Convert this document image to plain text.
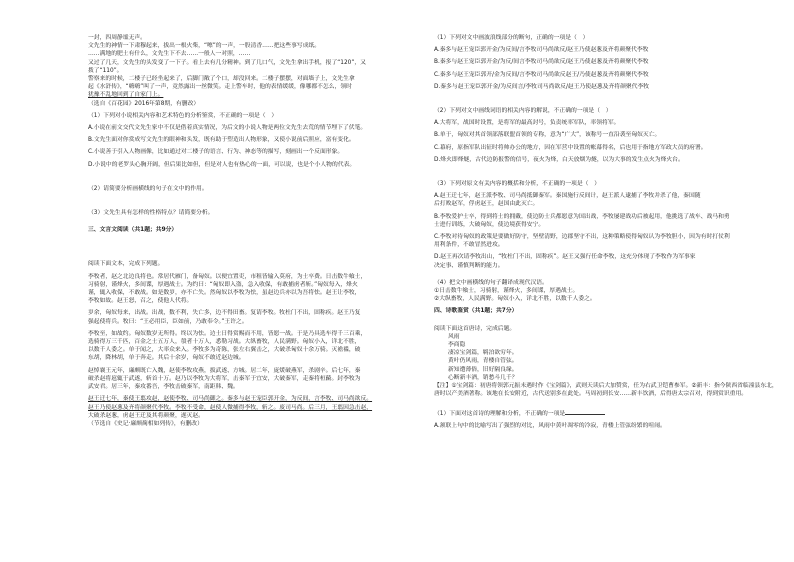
一封，四周静谧无声。
文先生的神情一下肃穆起来，拔出一根火柴，“嚓”的一声，一股清香……把这些事写成纸。
……满地的肥土有什么，文先生下不去……一般人一对照，……
又过了几天，文先生的头发变了一下子。看上去有几分精神。到了几口气，文先生拿出手机，报了“120”，又
拨了“110”。
警察来的时候，二楼子已经坐起来了，后脚门敞了个口，却没回来。二楼子摆摆，对面墙子上，文先生拿
起《水浒传》，“嗨嗨”叫了一声，竟然露出一丝微笑。走上警车时，他的表情缓缓，像哪都不怎么，领时
犹豫不乱地回到了自家门上。
（选自《百花园》2016年第8期，有删改）
（1）下列对小说相关内容和艺术特色的分析鉴赏，不正确的一项是（　）
A.小说在前文交代文先生家中不仅是借着真实情况，为后文的小说人物是两位文先生去荒的情节埋下了伏笔。
B.文先生面对你赏成写文先生的眼神和头发，既有助于塑造出人物形象，又使小说前后照应，富有变化。
C.小说善于引入人物画像，比如通过对二楼子的语言、行为、神态等的描写，刻画出一个反面形象。
D.小说中的老罗头心胸开阔，但后果比如但，但是对人也有热心的一面，可以说，也是个小人物的代表。
（2）请简要分析画横线的句子在文中的作用。
（3）文先生具有怎样的性格特点？请简要分析。
三、文言文阅读（共1题；共9分）
阅读下面文本，完成下列题。
李牧者，赵之北边良将也。常居代雁门，备匈奴。以便宜置吏，市租皆输入莫府，为士卒费。日击数牛飨士，
习骑射，谨烽火，多间谍，厚遇战士。为约曰：“匈奴即入盗，急入收保，有敢捕虏者斩。”匈奴每入，烽火
谨，辄入收保，不敢战。如是数岁，亦不亡失。然匈奴以李牧为怯，虽赵边兵亦以为吾将怯。赵王让李牧，
李牧如故。赵王怒，召之，使他人代将。
岁余，匈奴每来，出战。出战，数不利，失亡多，边不得田畜。复请李牧。牧杜门不出，固称疾。赵王乃复
强起使将兵。牧曰：“王必用臣，臣如前，乃敢奉令。”王许之。
李牧至，如故约。匈奴数岁无所得。终以为怯。边士日得赏赐而不用，皆愿一战。于是乃具选车得千三百乘，
选骑得万三千匹，百金之士五万人，彀者十万人，悉勒习战。大纵畜牧，人民满野。匈奴小入，详北不胜，
以数千人委之。单于闻之，大率众来入。李牧多为奇陈，张左右翼击之，大破杀匈奴十余万骑。灭襜褴，破
东胡，降林胡，单于奔走。其后十余岁，匈奴不敢近赵边城。
赵悼襄王元年，廉颇既亡入魏，赵使李牧攻燕，拔武遂、方城。居二年，庞煖破燕军，杀剧辛。后七年，秦
破杀赵将扈辄于武遂，斩首十万。赵乃以李牧为大将军，击秦军于宜安，大破秦军，走秦将桓齮。封李牧为
武安君。居三年，秦攻番吾，李牧击破秦军，南距韩、魏。
赵王迁七年，秦使王翦攻赵，赵使李牧、司马尚御之。秦多与赵王宠臣郭开金，为反间，言李牧、司马尚欲反。
赵王乃使赵葱及齐将颜聚代李牧。李牧不受命，赵使人微捕得李牧，斩之。废司马尚。后三月，王翦因急击赵，
大破杀赵葱，虏赵王迁及其将颜聚，遂灭赵。
（节选自《史记·廉颇蔺相如列传》，有删改）
（1）下列对文中画波浪线部分的断句，正确的一项是（　）
A.秦多与赵王宠臣郭开金/为反间/言李牧司马尚欲反/赵王乃使赵葱及齐将颜聚代李牧
B.秦多与赵王宠臣郭开金/为反/间言李牧司马尚欲反/赵王乃使赵葱及齐将颜聚代李牧
C.秦多与赵王宠臣郭开/金为反间/言李牧司马尚欲反赵王/乃使赵葱及齐将颜聚代李牧
D.秦多与赵王宠臣郭开金/为反间言/李牧司马尚欲反/赵王乃使赵葱及齐将颜聚代李牧
（2）下列对文中画线词语的相关内容的解说，不正确的一项是（　）
A.大将军，战国时设置，是将军的最高封号，负责统率军队，率领将军。
B.单于，匈奴对其首领部落联盟首领的专称，意为“广大”，该称号一直沿袭至匈奴灭亡。
C.幕府，原指军队出征时将帅办公的地方，因在军营中设置的帐幕得名，后也用于指地方军政大员的府署。
D.烽火即烽燧，古代边防报警的信号，夜火为烽，白天放烟为燧，以为大事的发生点火为烽火台。
（3）下列对原文有关内容的概括和分析，不正确的一项是（　）
A.赵王迁七年，赵王派李牧、司马尚抵御秦军。秦国施行反间计，赵王派人逮捕了李牧并杀了他，秦国随
后打败赵军，俘虏赵王，赵国由此灭亡。
B.李牧爱护士卒，得到将士的拥戴，使边防士兵都愿意为国出战，李牧屡建战功后被起用，他挑选了战车、战马和勇
士进行训练，大破匈奴，使边境获得安宁。
C.李牧对待匈奴的政策是要做好防守，坚壁清野，边郡坚守不出，这种策略使得匈奴认为李牧胆小，因为有时打仗利
用利条件，不敢冒然进攻。
D.赵王再次请李牧出山，“牧杜门不出，固称疾”。赵王又强行任命李牧，这充分体现了李牧作为军事家
决定事、谨慎判断的能力。
（4）把文中画横线的句子翻译成现代汉语。
①日击数牛飨士，习骑射，谨烽火，多间谍，厚遇战士。
②大纵畜牧，人民满野。匈奴小入，详北不胜，以数千人委之。
四、诗歌鉴赏（共1题；共7分）
阅读下面这首唐诗，完成后题。
风雨
李商隐
凄凉宝剑篇，羁泊欲穷年。
黄叶仍风雨，青楼自管弦。
新知遭薄俗，旧好隔良缘。
心断新丰酒，销愁斗几千？
【注】①宝剑篇：初唐将领郭元振未遇时作《宝剑篇》，武则天读后大加赞赏，任为右武卫铠曹参军。②新丰：指今陕西省临潼县东北，
唐时以产美酒著称。该地在长安附近，古代送别多在此处。马周初到长安……新丰饮酒，后得唐太宗召对，得到赏识重用。
（1）下面对这首诗的理解和分析，不正确的一项是
A.颔联上句中的比喻写出了强烈的对比，风雨中黄叶凋零的冷寂，青楼上管弦纷繁的喧闹。
